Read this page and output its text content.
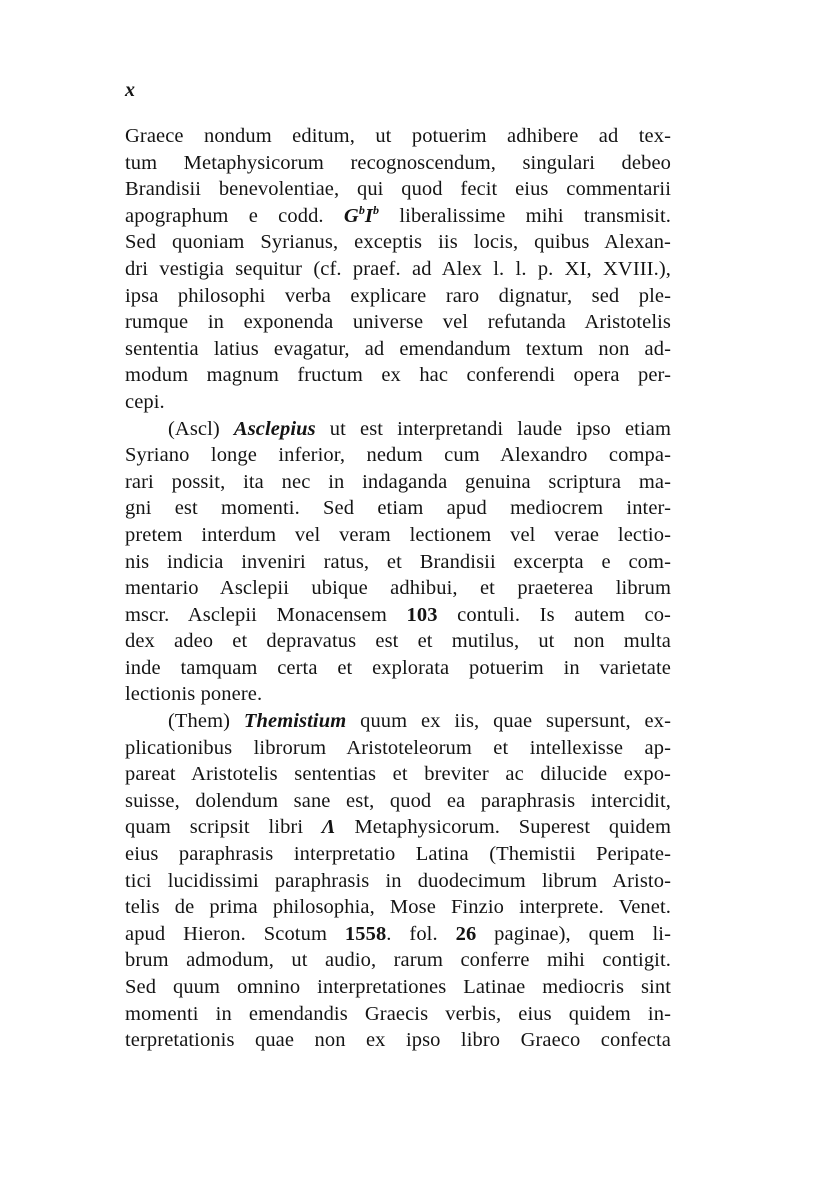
x
Graece nondum editum, ut potuerim adhibere ad tex-
tum Metaphysicorum recognoscendum, singulari debeo
Brandisii benevolentiae, qui quod fecit eius commentarii
apographum e codd. $G^bI^b$ liberalissime mihi transmisit.
Sed quoniam Syrianus, exceptis iis locis, quibus Alexan-
dri vestigia sequitur (cf. praef. ad Alex l. l. p. XI, XVIII.),
ipsa philosophi verba explicare raro dignatur, sed ple-
rumque in exponenda universe vel refutanda Aristotelis
sententia latius evagatur, ad emendandum textum non ad-
modum magnum fructum ex hac conferendi opera per-
cepi.
(Ascl) Asclepius ut est interpretandi laude ipso etiam
Syriano longe inferior, nedum cum Alexandro compa-
rari possit, ita nec in indaganda genuina scriptura ma-
gni est momenti. Sed etiam apud mediocrem inter-
pretem interdum vel veram lectionem vel verae lectio-
nis indicia inveniri ratus, et Brandisii excerpta e com-
mentario Asclepii ubique adhibui, et praeterea librum
mscr. Asclepii Monacensem 103 contuli. Is autem co-
dex adeo et depravatus est et mutilus, ut non multa
inde tamquam certa et explorata potuerim in varietate
lectionis ponere.
(Them) Themistium quum ex iis, quae supersunt, ex-
plicationibus librorum Aristoteleorum et intellexisse ap-
pareat Aristotelis sententias et breviter ac dilucide expo-
suisse, dolendum sane est, quod ea paraphrasis intercidit,
quam scripsit libri Λ Metaphysicorum. Superest quidem
eius paraphrasis interpretatio Latina (Themistii Peripate-
tici lucidissimi paraphrasis in duodecimum librum Aristo-
telis de prima philosophia, Mose Finzio interprete. Venet.
apud Hieron. Scotum 1558. fol. 26 paginae), quem li-
brum admodum, ut audio, rarum conferre mihi contigit.
Sed quum omnino interpretationes Latinae mediocris sint
momenti in emendandis Graecis verbis, eius quidem in-
terpretationis quae non ex ipso libro Graeco confecta
